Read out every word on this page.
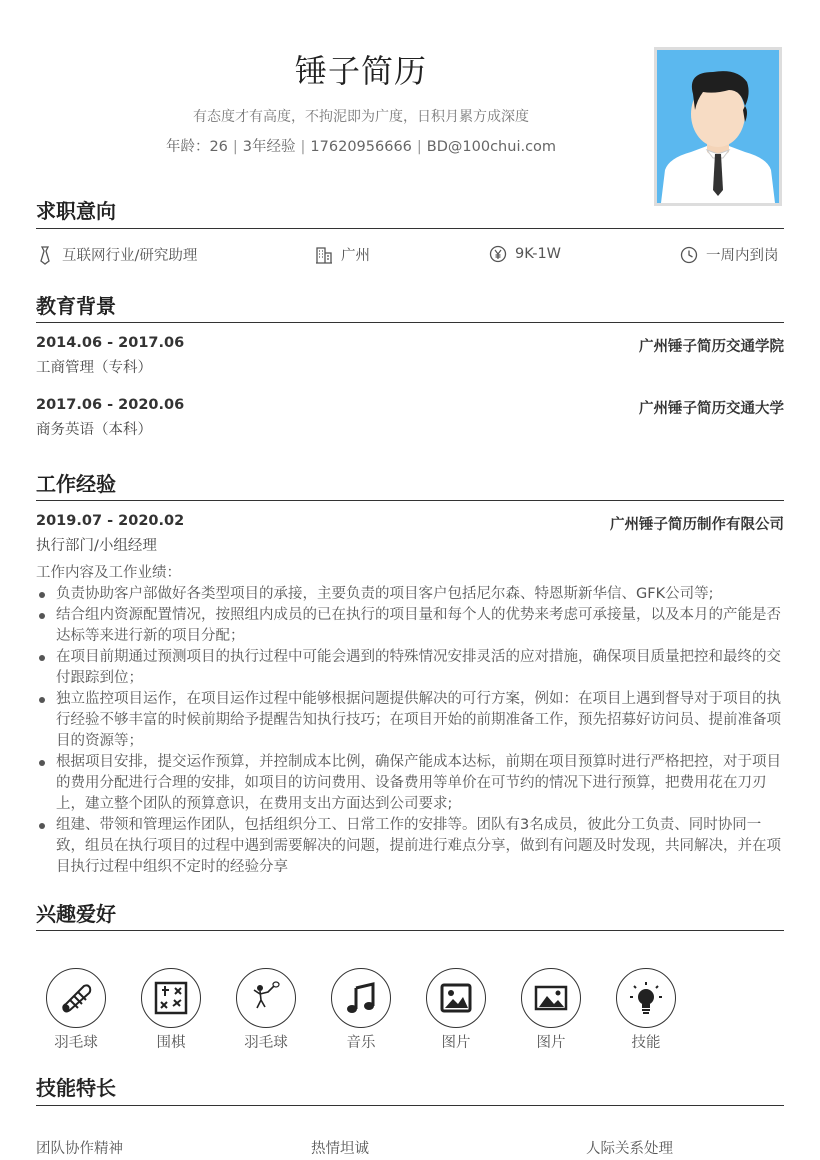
锤子简历
有态度才有高度，不拘泥即为广度，日积月累方成深度
年龄：26 | 3年经验 | 17620956666 | BD@100chui.com
求职意向
互联网行业/研究助理	广州	9K-1W	一周内到岗
教育背景
2014.06 - 2017.06	广州锤子简历交通学院
工商管理（专科）
2017.06 - 2020.06	广州锤子简历交通大学
商务英语（本科）
工作经验
2019.07 - 2020.02	广州锤子简历制作有限公司
执行部门/小组经理
工作内容及工作业绩：
负责协助客户部做好各类型项目的承接，主要负责的项目客户包括尼尔森、特恩斯新华信、GFK公司等;
结合组内资源配置情况，按照组内成员的已在执行的项目量和每个人的优势来考虑可承接量，以及本月的产能是否达标等来进行新的项目分配；
在项目前期通过预测项目的执行过程中可能会遇到的特殊情况安排灵活的应对措施，确保项目质量把控和最终的交付跟踪到位；
独立监控项目运作，在项目运作过程中能够根据问题提供解决的可行方案，例如：在项目上遇到督导对于项目的执行经验不够丰富的时候前期给予提醒告知执行技巧；在项目开始的前期准备工作，预先招募好访问员、提前准备项目的资源等；
根据项目安排，提交运作预算，并控制成本比例，确保产能成本达标，前期在项目预算时进行严格把控，对于项目的费用分配进行合理的安排，如项目的访问费用、设备费用等单价在可节约的情况下进行预算，把费用花在刀刃上，建立整个团队的预算意识，在费用支出方面达到公司要求;
组建、带领和管理运作团队，包括组织分工、日常工作的安排等。团队有3名成员，彼此分工负责、同时协同一致，组员在执行项目的过程中遇到需要解决的问题，提前进行难点分享，做到有问题及时发现，共同解决，并在项目执行过程中组织不定时的经验分享
兴趣爱好
羽毛球	围棋	羽毛球	音乐	图片	图片	技能
技能特长
团队协作精神	热情坦诚	人际关系处理
